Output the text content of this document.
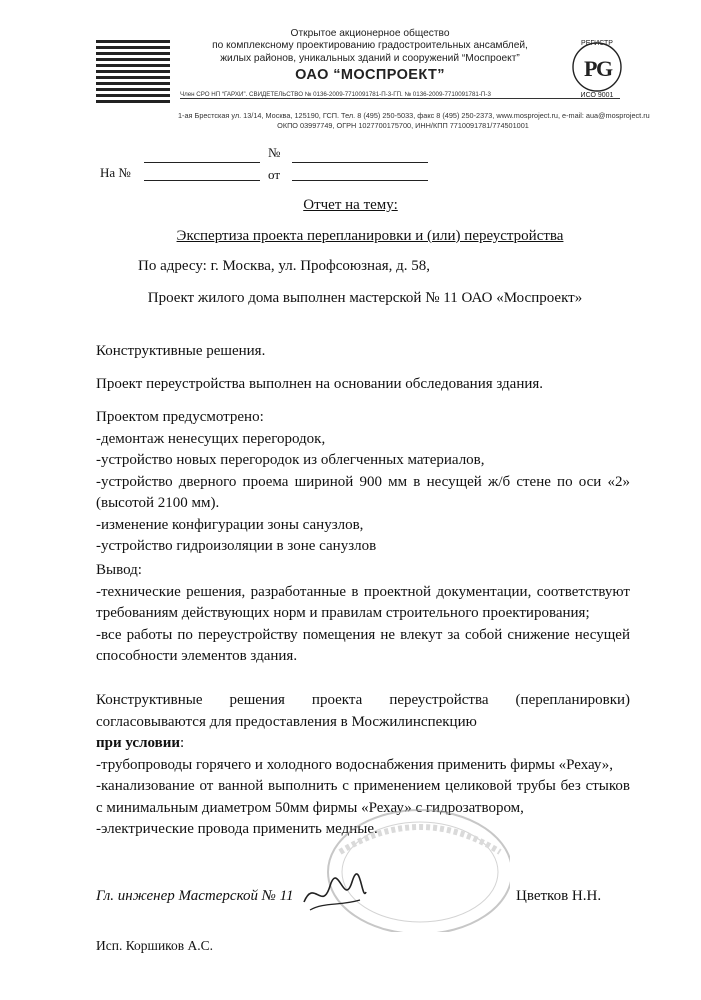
Открытое акционерное общество
по комплексному проектированию градостроительных ансамблей,
жилых районов, уникальных зданий и сооружений “Моспроект”
ОАО “МОСПРОЕКТ”
Член СРО НП “ГАРХИ”. СВИДЕТЕЛЬСТВО № 0136-2009-7710091781-П-3-ГП. № 0136-2009-7710091781-П-3
1-ая Брестская ул. 13/14, Москва, 125190, ГСП. Тел. 8 (495) 250-5033, факс 8 (495) 250-2373, www.mosproject.ru, e-mail: aua@mosproject.ru
ОКПО 03997749, ОГРН 1027700175700, ИНН/КПП 7710091781/774501001
РЕГИСТР
P
G
ИСО 9001
№
На №	от
Отчет на тему:
Экспертиза проекта перепланировки и (или) переустройства
По адресу: г. Москва, ул. Профсоюзная, д. 58,
Проект жилого дома выполнен мастерской № 11 ОАО «Моспроект»
Конструктивные решения.
Проект переустройства выполнен на основании обследования здания.
Проектом предусмотрено:
-демонтаж ненесущих перегородок,
-устройство новых перегородок из облегченных материалов,
-устройство дверного проема шириной 900 мм в несущей ж/б стене по оси «2» (высотой 2100 мм).
-изменение конфигурации зоны санузлов,
-устройство гидроизоляции в зоне санузлов
Вывод:
-технические решения, разработанные в проектной документации, соответствуют требованиям действующих норм и правилам строительного проектирования;
-все работы по переустройству помещения не влекут за собой снижение несущей способности элементов здания.
Конструктивные решения проекта переустройства (перепланировки) согласовываются для предоставления в Мосжилинспекцию
при условии:
-трубопроводы горячего и холодного водоснабжения применить фирмы «Рехау»,
-канализование от ванной выполнить с применением целиковой трубы без стыков с минимальным диаметром 50мм фирмы «Рехау» с гидрозатвором,
-электрические провода применить медные.
Гл. инженер Мастерской № 11	Цветков Н.Н.
Исп. Коршиков А.С.
